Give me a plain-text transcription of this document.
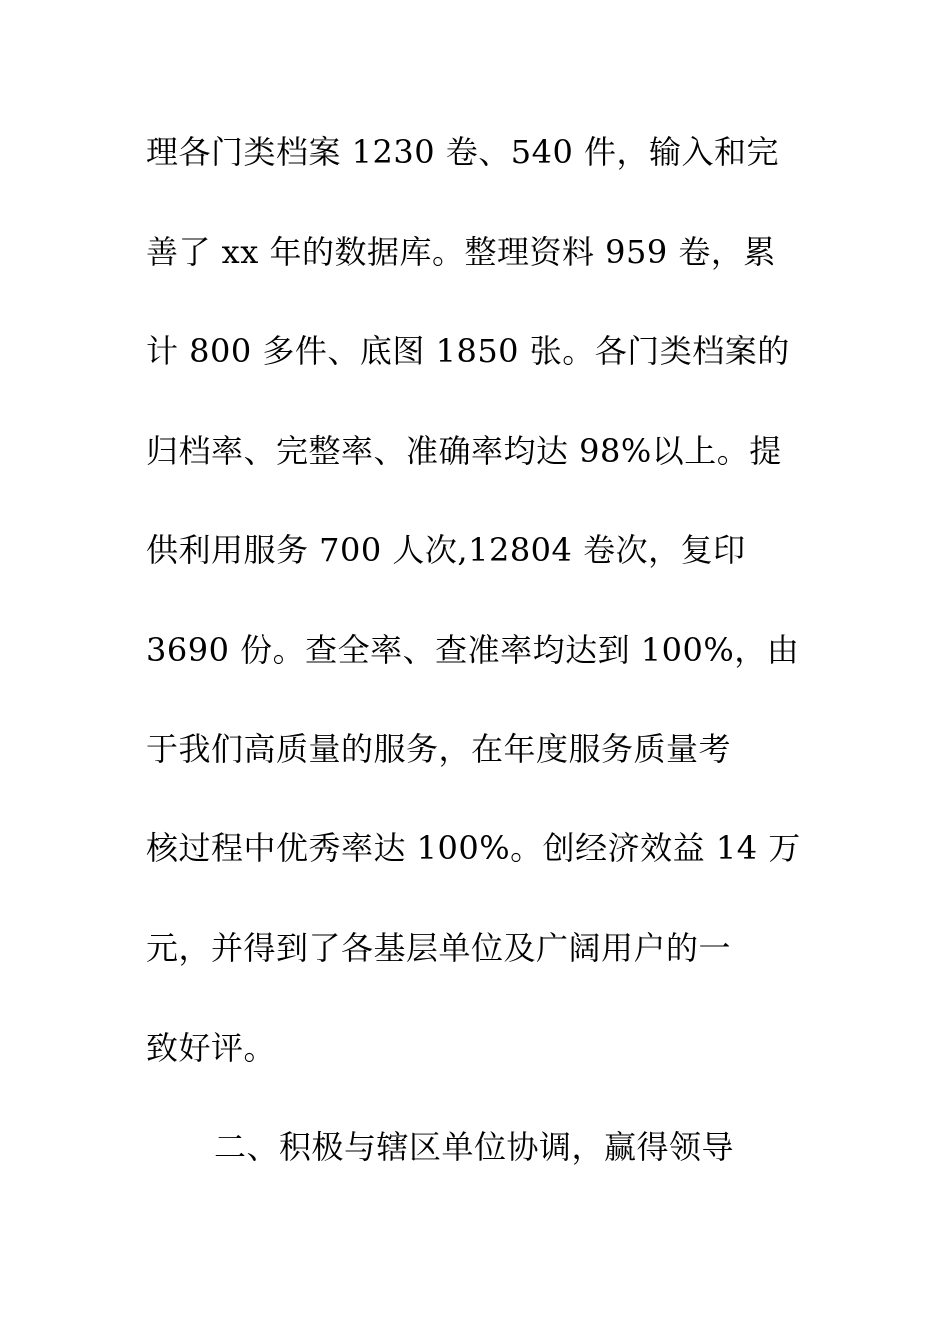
理各门类档案 1230 卷、540 件，输入和完
善了 xx 年的数据库。整理资料 959 卷，累
计 800 多件、底图 1850 张。各门类档案的
归档率、完整率、准确率均达 98%以上。提
供利用服务 700 人次,12804 卷次，复印
3690 份。查全率、查准率均达到 100%，由
于我们高质量的服务，在年度服务质量考
核过程中优秀率达 100%。创经济效益 14 万
元，并得到了各基层单位及广阔用户的一
致好评。
二、积极与辖区单位协调，赢得领导
